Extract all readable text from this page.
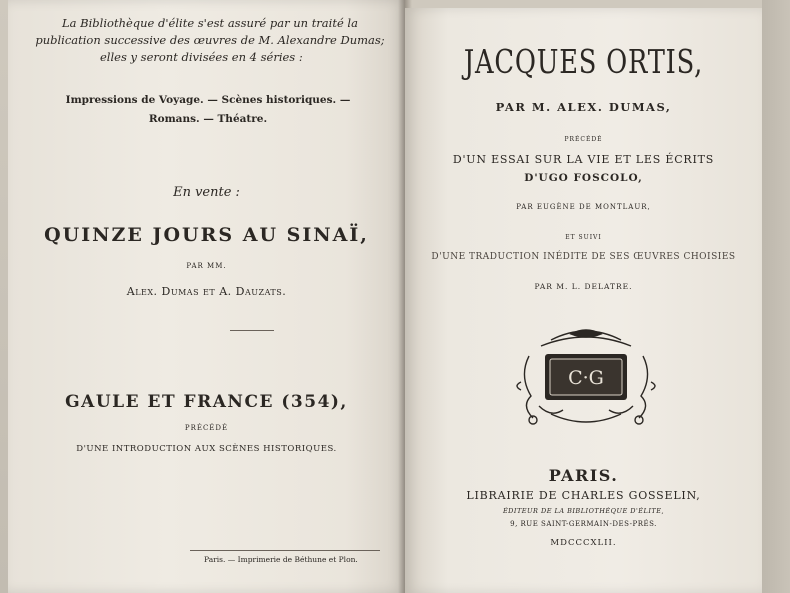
La Bibliothèque d'élite s'est assuré par un traité la
publication successive des œuvres de M. Alexandre Dumas;
elles y seront divisées en 4 séries :
Impressions de Voyage. — Scènes historiques. —
Romans. — Théatre.
En vente :
QUINZE JOURS AU SINAÏ,
PAR MM.
Alex. Dumas et A. Dauzats.
GAULE ET FRANCE (354),
PRÉCÉDÉ
D'UNE INTRODUCTION AUX SCÈNES HISTORIQUES.
Paris. — Imprimerie de Béthune et Plon.
JACQUES ORTIS,
PAR M. ALEX. DUMAS,
PRÉCÉDÉ
D'UN ESSAI SUR LA VIE ET LES ÉCRITS
D'UGO FOSCOLO,
PAR EUGÈNE DE MONTLAUR,
ET SUIVI
D'UNE TRADUCTION INÉDITE DE SES ŒUVRES CHOISIES
PAR M. L. DELATRE.
C·G
PARIS.
LIBRAIRIE DE CHARLES GOSSELIN,
ÉDITEUR DE LA BIBLIOTHÈQUE D'ÉLITE,
9, RUE SAINT-GERMAIN-DES-PRÉS.
MDCCCXLII.
